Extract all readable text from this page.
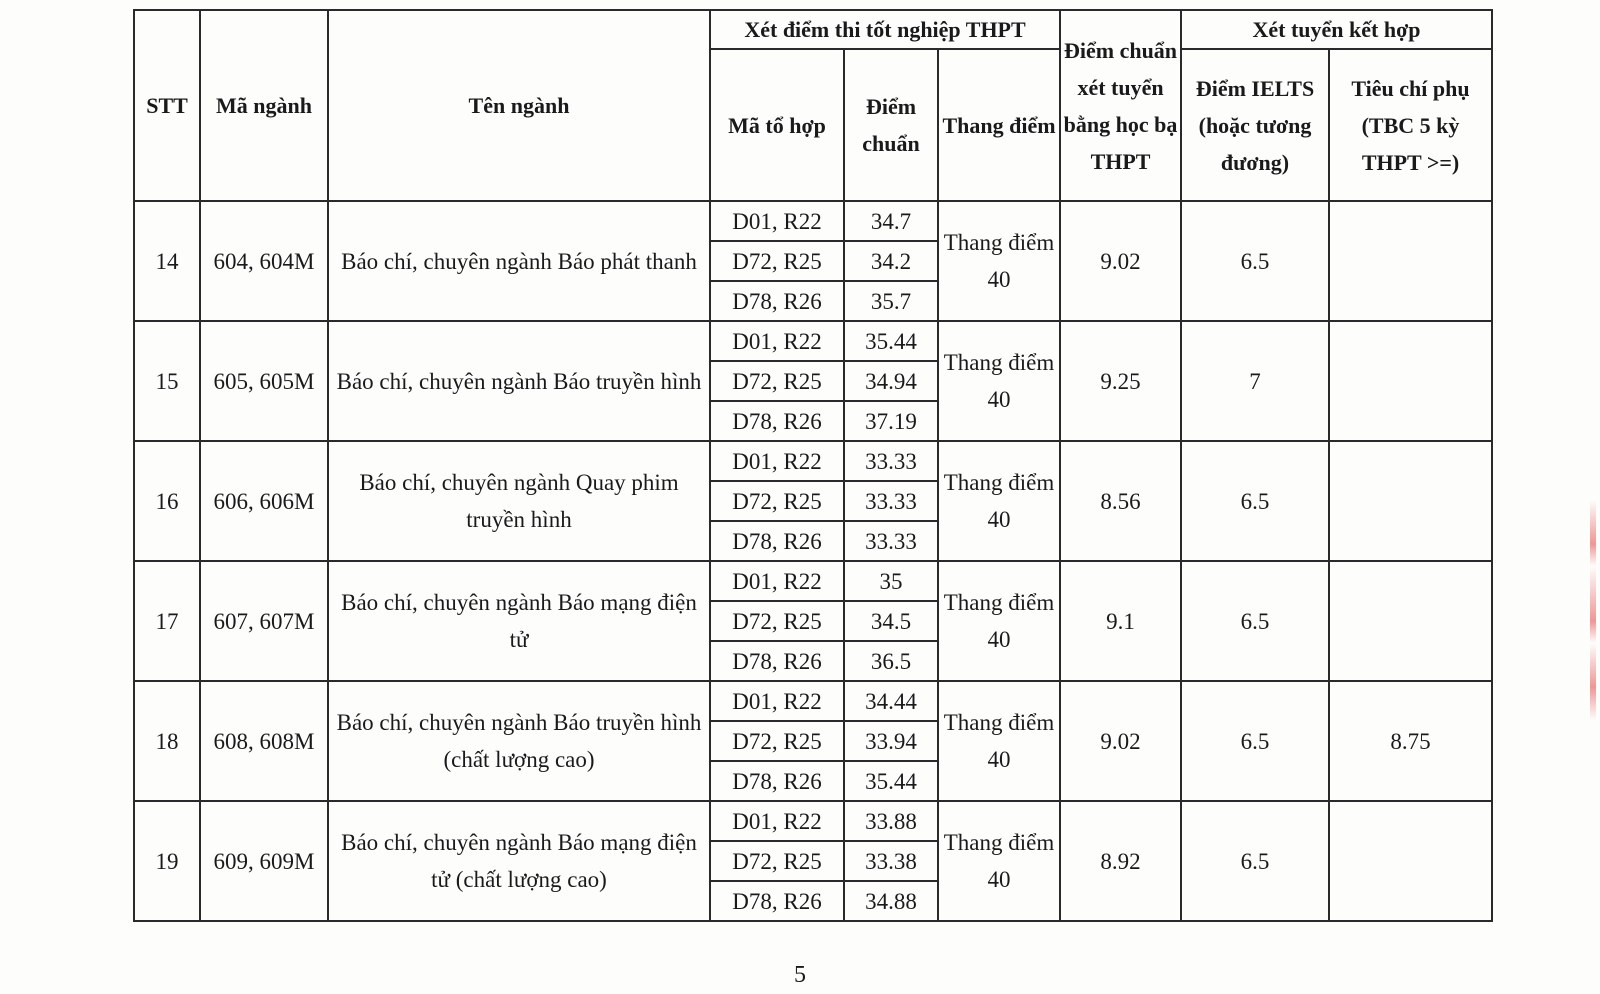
STT	Mã ngành	Tên ngành	Xét điểm thi tốt nghiệp THPT			Điểm chuẩn xét tuyển bằng học bạ THPT	Xét tuyển kết hợp	
			Mã tổ hợp	Điểm chuẩn	Thang điểm		Điểm IELTS (hoặc tương đương)	Tiêu chí phụ (TBC 5 kỳ THPT >=)
14	604, 604M	Báo chí, chuyên ngành Báo phát thanh	D01, R22	34.7	Thang điểm 40	9.02	6.5	
			D72, R25	34.2				
			D78, R26	35.7				
15	605, 605M	Báo chí, chuyên ngành Báo truyền hình	D01, R22	35.44	Thang điểm 40	9.25	7	
			D72, R25	34.94				
			D78, R26	37.19				
16	606, 606M	Báo chí, chuyên ngành Quay phim truyền hình	D01, R22	33.33	Thang điểm 40	8.56	6.5	
			D72, R25	33.33				
			D78, R26	33.33				
17	607, 607M	Báo chí, chuyên ngành Báo mạng điện tử	D01, R22	35	Thang điểm 40	9.1	6.5	
			D72, R25	34.5				
			D78, R26	36.5				
18	608, 608M	Báo chí, chuyên ngành Báo truyền hình (chất lượng cao)	D01, R22	34.44	Thang điểm 40	9.02	6.5	8.75
			D72, R25	33.94				
			D78, R26	35.44				
19	609, 609M	Báo chí, chuyên ngành Báo mạng điện tử (chất lượng cao)	D01, R22	33.88	Thang điểm 40	8.92	6.5	
			D72, R25	33.38				
			D78, R26	34.88				
5
